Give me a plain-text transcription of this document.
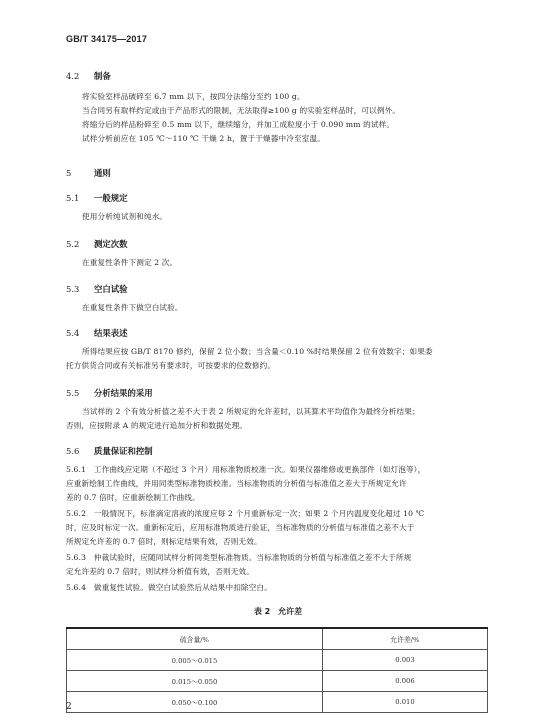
GB/T 34175—2017
4.2 制备
将实验室样品破碎至 6.7 mm 以下，按四分法缩分至约 100 g。
当合同另有取样约定或由于产品形式的限制，无法取得≥100 g 的实验室样品时，可以例外。
将缩分后的样品粉碎至 0.5 mm 以下，继续缩分，并加工成粒度小于 0.090 mm 的试样。
试样分析前应在 105 ℃～110 ℃ 干燥 2 h，置于干燥器中冷至室温。
5	通则
5.1 一般规定
使用分析纯试剂和纯水。
5.2 测定次数
在重复性条件下测定 2 次。
5.3 空白试验
在重复性条件下做空白试验。
5.4 结果表述
所得结果应按 GB/T 8170 修约，保留 2 位小数；当含量＜0.10 %时结果保留 2 位有效数字；如果委
托方供货合同或有关标准另有要求时，可按要求的位数修约。
5.5 分析结果的采用
当试样的 2 个有效分析值之差不大于表 2 所规定的允许差时，以其算术平均值作为最终分析结果；
否则，应按附录 A 的规定进行追加分析和数据处理。
5.6 质量保证和控制
5.6.1　 工作曲线应定期（不超过 3 个月）用标准物质校准一次。如果仪器维修或更换部件（如灯泡等），
应重新绘制工作曲线，并用同类型标准物质校准。当标准物质的分析值与标准值之差大于所规定允许
差的 0.7 倍时，应重新绘制工作曲线。
5.6.2　 一般情况下，标准滴定溶液的浓度应每 2 个月重新标定一次；如果 2 个月内温度变化超过 10 ℃
时，应及时标定一次。重新标定后，应用标准物质进行验证，当标准物质的分析值与标准值之差不大于
所规定允许差的 0.7 倍时，则标定结果有效，否则无效。
5.6.3　 仲裁试验时，应随同试样分析同类型标准物质。当标准物质的分析值与标准值之差不大于所规
定允许差的 0.7 倍时，则试样分析值有效，否则无效。
5.6.4　 做重复性试验。做空白试验然后从结果中扣除空白。
表 2　允许差
硫含量/%	允许差/%
0.005～0.015	0.003
0.015～0.050	0.006
0.050～0.100	0.010
2
